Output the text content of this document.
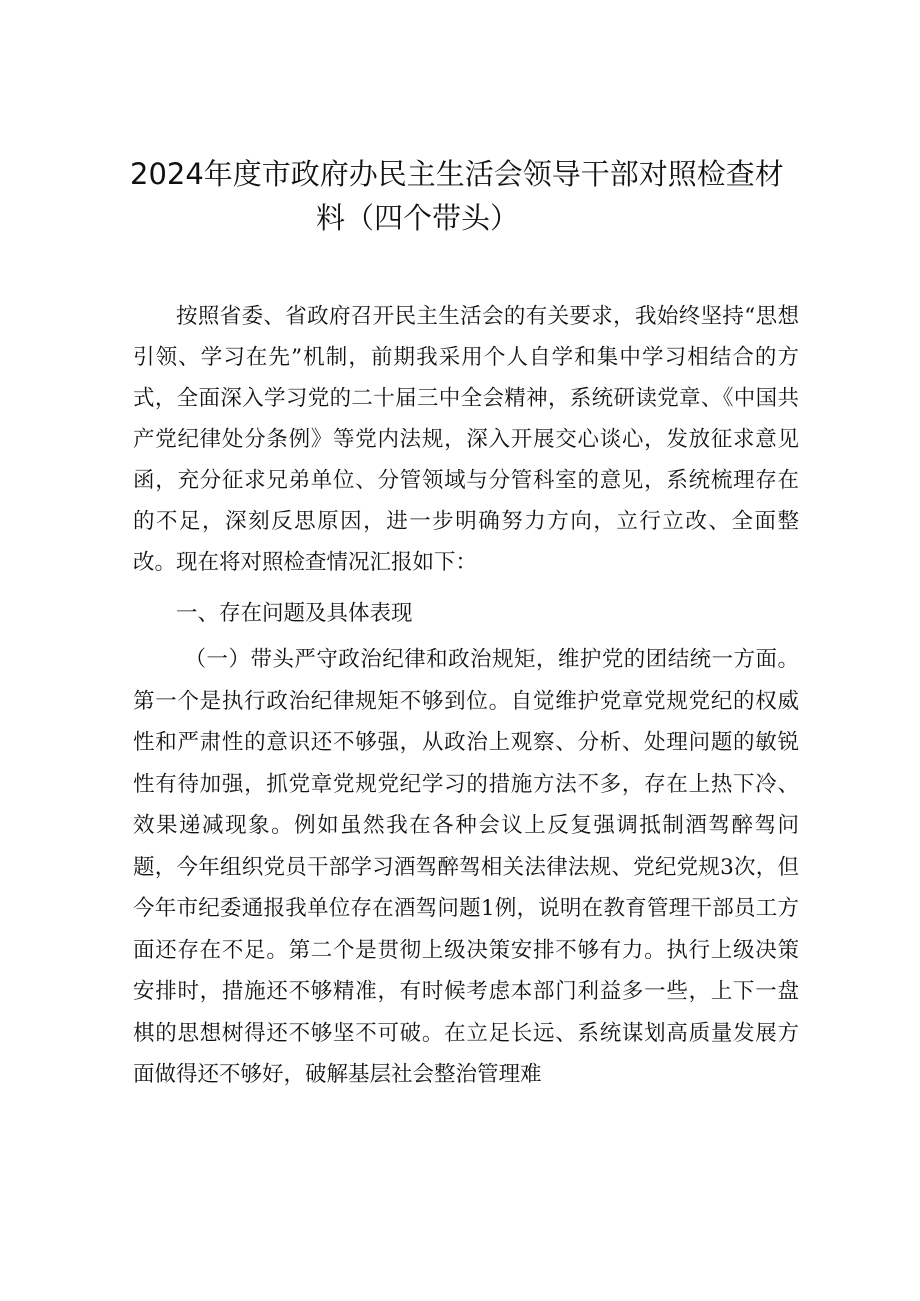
2024年度市政府办民主生活会领导干部对照检查材
料（四个带头）

按照省委、省政府召开民主生活会的有关要求，我始终坚持“思想引领、学习在先”机制，前期我采用个人自学和集中学习相结合的方式，全面深入学习党的二十届三中全会精神，系统研读党章、《中国共产党纪律处分条例》等党内法规，深入开展交心谈心，发放征求意见函，充分征求兄弟单位、分管领域与分管科室的意见，系统梳理存在的不足，深刻反思原因，进一步明确努力方向，立行立改、全面整改。现在将对照检查情况汇报如下：

一、存在问题及具体表现

（一）带头严守政治纪律和政治规矩，维护党的团结统一方面。第一个是执行政治纪律规矩不够到位。自觉维护党章党规党纪的权威性和严肃性的意识还不够强，从政治上观察、分析、处理问题的敏锐性有待加强，抓党章党规党纪学习的措施方法不多，存在上热下冷、效果递减现象。例如虽然我在各种会议上反复强调抵制酒驾醉驾问题，今年组织党员干部学习酒驾醉驾相关法律法规、党纪党规3次，但今年市纪委通报我单位存在酒驾问题1例，说明在教育管理干部员工方面还存在不足。第二个是贯彻上级决策安排不够有力。执行上级决策安排时，措施还不够精准，有时候考虑本部门利益多一些，上下一盘棋的思想树得还不够坚不可破。在立足长远、系统谋划高质量发展方面做得还不够好，破解基层社会整治管理难
